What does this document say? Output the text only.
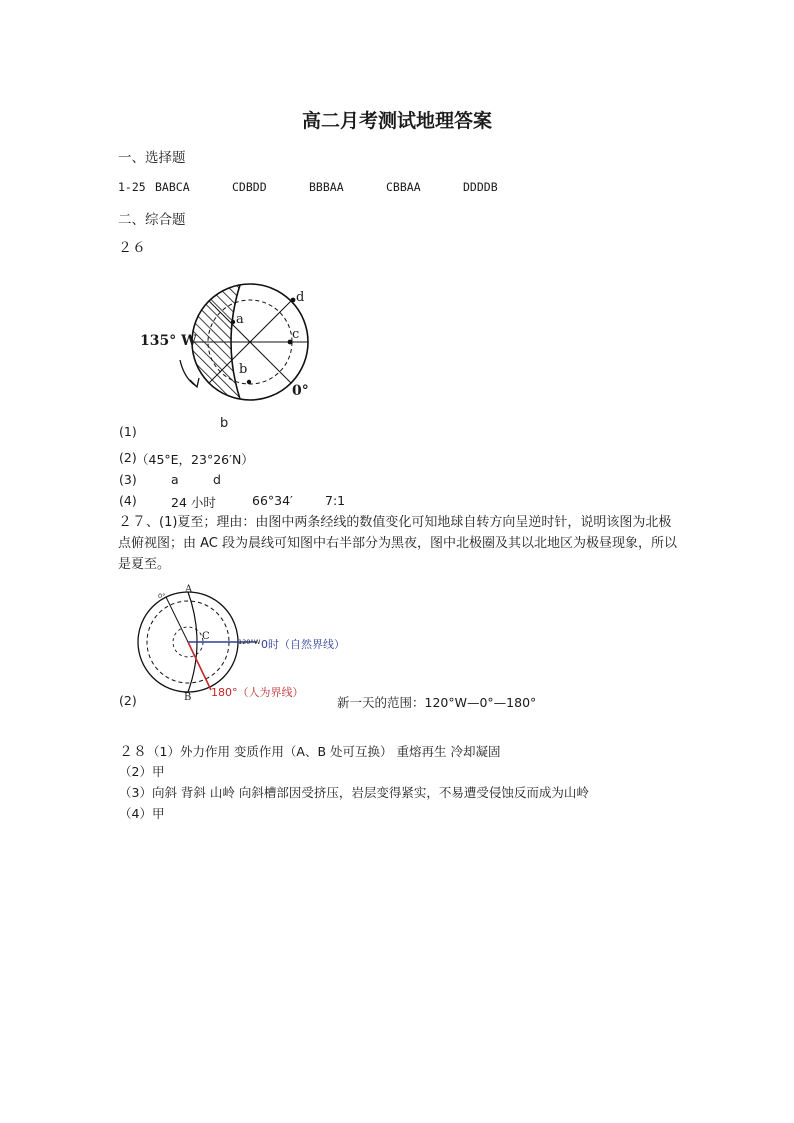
高二月考测试地理答案
一、选择题
1-25 BABCA	CDBDD	BBBAA	CBBAA	DDDDB
二、综合题
２６
135° W
0°
d
c
a
b
b
(1)
(2) （45°E，23°26′N）
(3)	a	d
(4)	24 小时	66°34′	7:1
２７、(1)夏至；理由：由图中两条经线的数值变化可知地球自转方向呈逆时针，说明该图为北极点俯视图；由 AC 段为晨线可知图中右半部分为黑夜，图中北极圈及其以北地区为极昼现象，所以是夏至。
0°
A
B
C	120° W 0时（自然界线）
180°（人为界线）
(2)	新一天的范围：120°W—0°—180°
２８（1）外力作用 变质作用（A、B 处可互换） 重熔再生 冷却凝固
（2）甲
（3）向斜 背斜 山岭 向斜槽部因受挤压，岩层变得紧实，不易遭受侵蚀反而成为山岭
（4）甲
